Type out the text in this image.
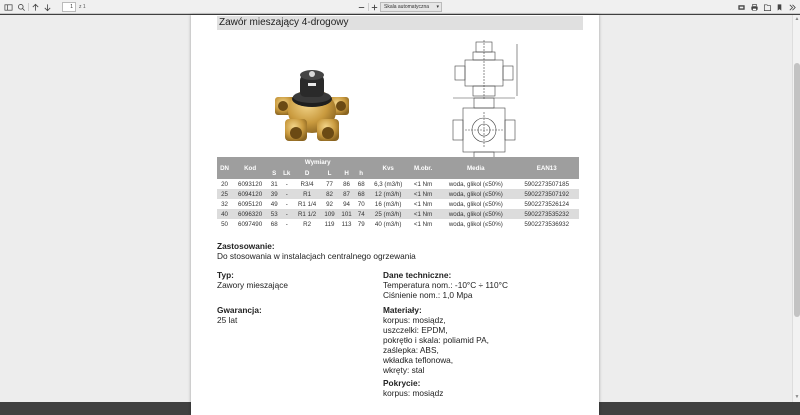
1	z 1	Skala automatyczna ▾
▲
▼
Zawór mieszający 4-drogowy
DN	Kod	Wymiary						Kvs	M.obr.	Media	EAN13
		S	Lk	D	L	H	h				
20	6093120	31	-	R3/4	77	86	68	6,3 (m3/h)	<1 Nm	woda, glikol (≤50%)	5902273507185
25	6094120	39	-	R1	82	87	68	12 (m3/h)	<1 Nm	woda, glikol (≤50%)	5902273507192
32	6095120	49	-	R1 1/4	92	94	70	16 (m3/h)	<1 Nm	woda, glikol (≤50%)	5902273526124
40	6096320	53	-	R1 1/2	109	101	74	25 (m3/h)	<1 Nm	woda, glikol (≤50%)	5902273535232
50	6097490	68	-	R2	119	113	79	40 (m3/h)	<1 Nm	woda, glikol (≤50%)	5902273536932
Zastosowanie:
Do stosowania w instalacjach centralnego ogrzewania
Typ:
Zawory mieszające
Gwarancja:
25 lat
Dane techniczne:
Temperatura nom.: -10°C ÷ 110°C
Ciśnienie nom.: 1,0 Mpa
Materiały:
korpus: mosiądz,
uszczelki: EPDM,
pokrętło i skala: poliamid PA,
zaślepka: ABS,
wkładka teflonowa,
wkręty: stal
Pokrycie:
korpus: mosiądz
